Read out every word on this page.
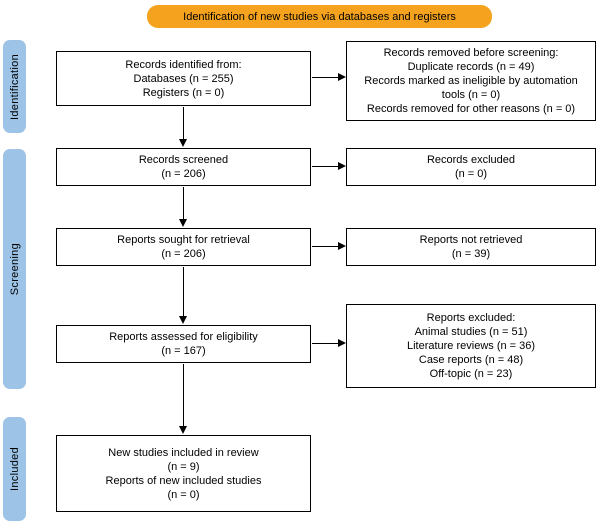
Identification of new studies via databases and registers
Identification
Screening
Included
Records identified from:
Databases (n = 255)
Registers (n = 0)
Records removed before screening:
Duplicate records (n = 49)
Records marked as ineligible by automation tools (n = 0)
Records removed for other reasons (n = 0)
Records screened
(n = 206)
Records excluded
(n = 0)
Reports sought for retrieval
(n = 206)
Reports not retrieved
(n = 39)
Reports assessed for eligibility
(n = 167)
Reports excluded:
Animal studies (n = 51)
Literature reviews (n = 36)
Case reports (n = 48)
Off-topic (n = 23)
New studies included in review
(n = 9)
Reports of new included studies
(n = 0)
